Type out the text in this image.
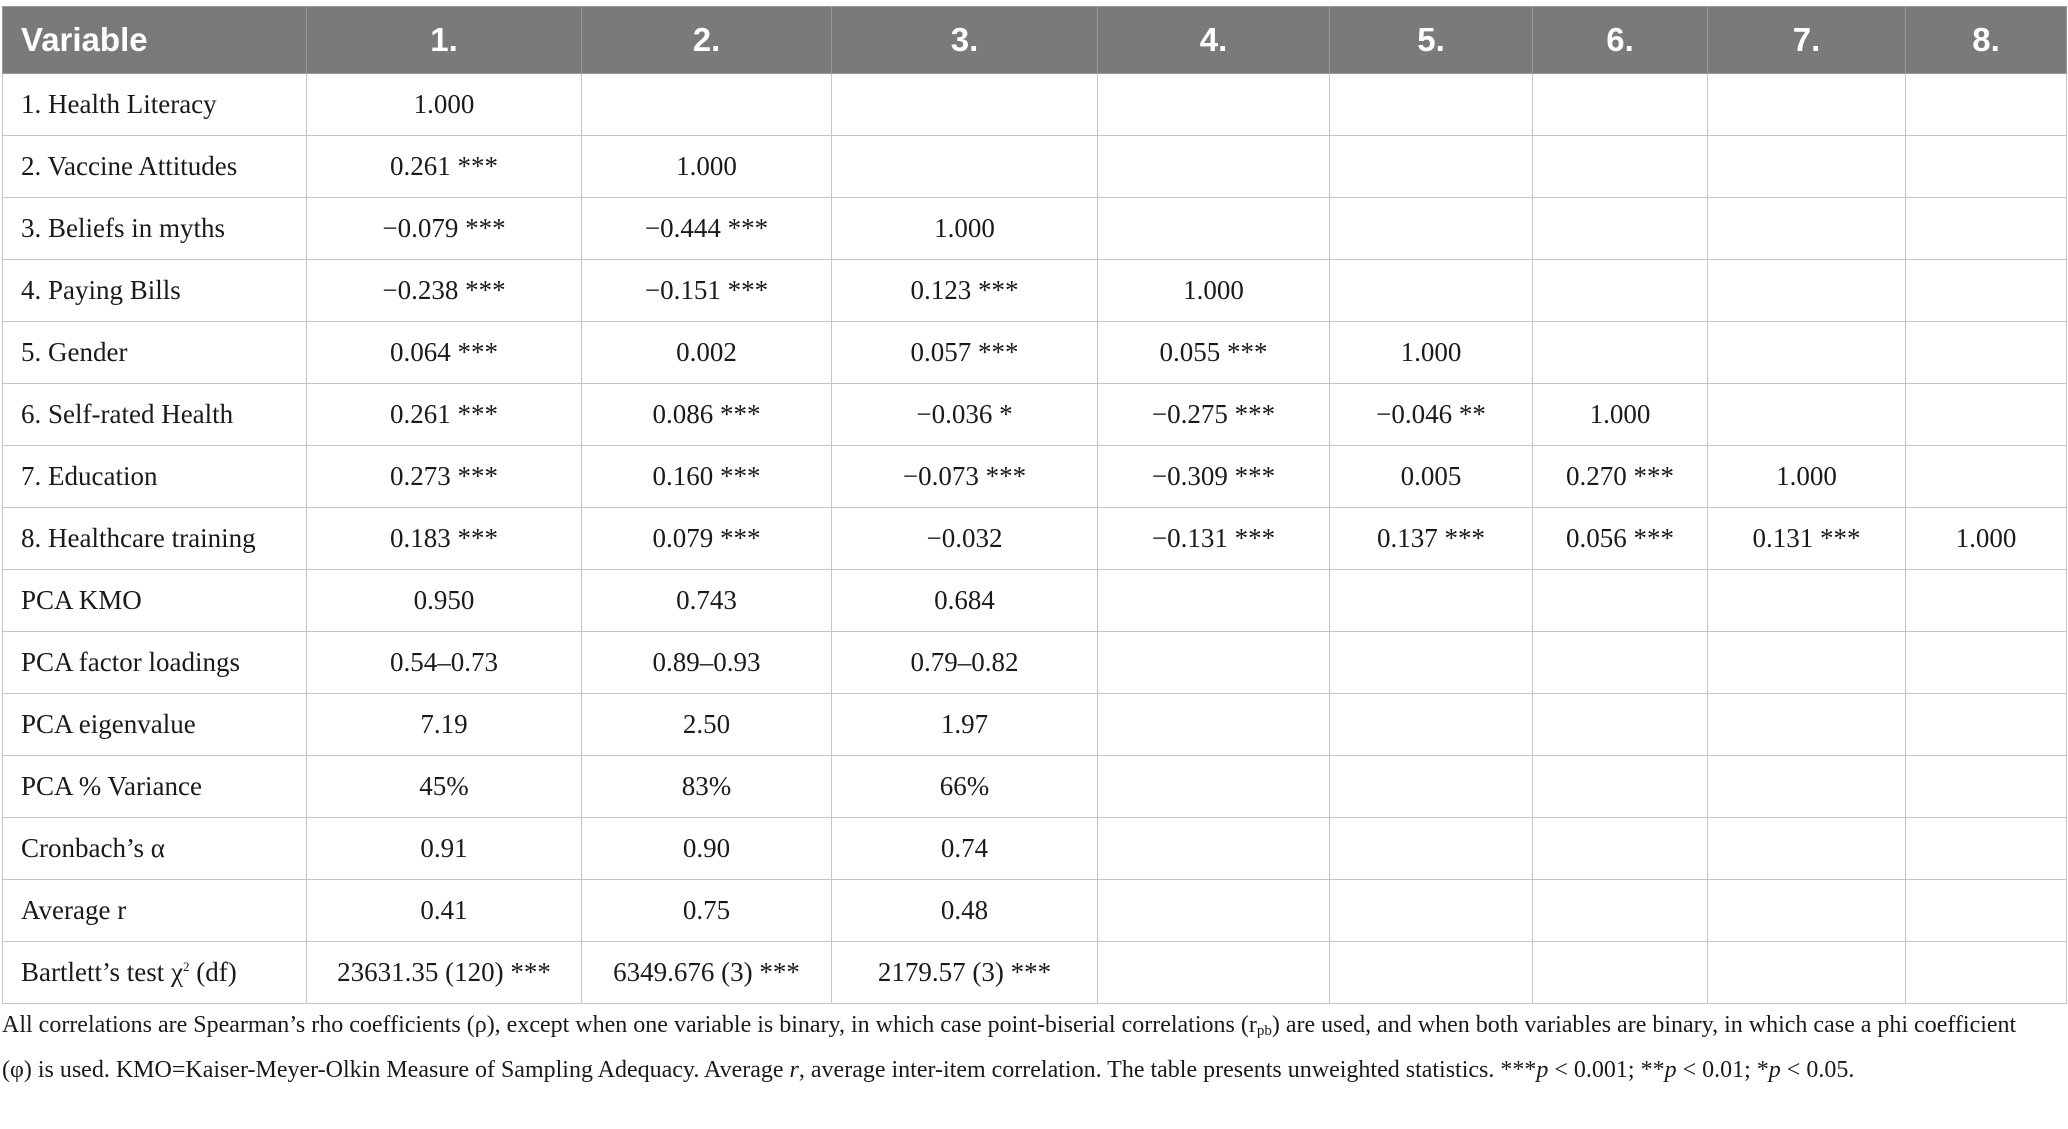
Variable	1.	2.	3.	4.	5.	6.	7.	8.
1. Health Literacy	1.000							
2. Vaccine Attitudes	0.261 ***	1.000						
3. Beliefs in myths	−0.079 ***	−0.444 ***	1.000					
4. Paying Bills	−0.238 ***	−0.151 ***	0.123 ***	1.000				
5. Gender	0.064 ***	0.002	0.057 ***	0.055 ***	1.000			
6. Self-rated Health	0.261 ***	0.086 ***	−0.036 *	−0.275 ***	−0.046 **	1.000		
7. Education	0.273 ***	0.160 ***	−0.073 ***	−0.309 ***	0.005	0.270 ***	1.000	
8. Healthcare training	0.183 ***	0.079 ***	−0.032	−0.131 ***	0.137 ***	0.056 ***	0.131 ***	1.000
PCA KMO	0.950	0.743	0.684					
PCA factor loadings	0.54–0.73	0.89–0.93	0.79–0.82					
PCA eigenvalue	7.19	2.50	1.97					
PCA % Variance	45%	83%	66%					
Cronbach’s α	0.91	0.90	0.74					
Average r	0.41	0.75	0.48					
Bartlett’s test $\chi^2$ (df)	23631.35 (120) ***	6349.676 (3) ***	2179.57 (3) ***					
All correlations are Spearman’s rho coefficients (ρ), except when one variable is binary, in which case point-biserial correlations $(r_{pb})$ are used, and when both variables are binary, in which case a phi coefficient (φ) is used. KMO=Kaiser-Meyer-Olkin Measure of Sampling Adequacy. Average r, average inter-item correlation. The table presents unweighted statistics. ***p < 0.001; **p < 0.01; *p < 0.05.
